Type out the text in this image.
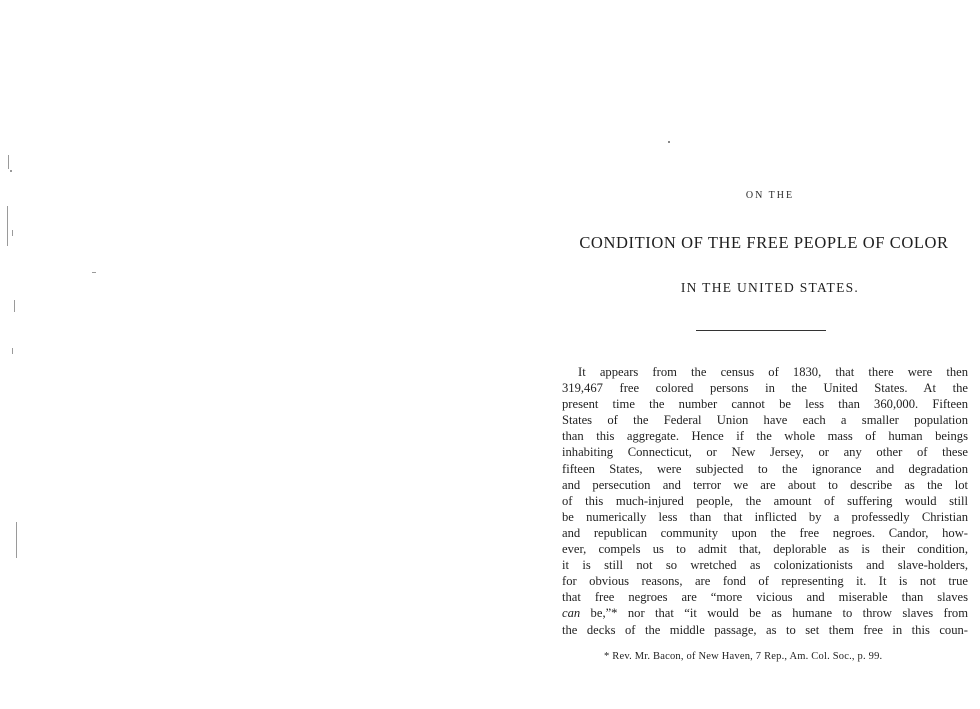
ON THE
CONDITION OF THE FREE PEOPLE OF COLOR
IN THE UNITED STATES.
It appears from the census of 1830, that there were then
319,467 free colored persons in the United States. At the
present time the number cannot be less than 360,000. Fifteen
States of the Federal Union have each a smaller population
than this aggregate. Hence if the whole mass of human beings
inhabiting Connecticut, or New Jersey, or any other of these
fifteen States, were subjected to the ignorance and degradation
and persecution and terror we are about to describe as the lot
of this much-injured people, the amount of suffering would still
be numerically less than that inflicted by a professedly Christian
and republican community upon the free negroes. Candor, how-
ever, compels us to admit that, deplorable as is their condition,
it is still not so wretched as colonizationists and slave-holders,
for obvious reasons, are fond of representing it. It is not true
that free negroes are “more vicious and miserable than slaves
can be,”* nor that “it would be as humane to throw slaves from
the decks of the middle passage, as to set them free in this coun-
* Rev. Mr. Bacon, of New Haven, 7 Rep., Am. Col. Soc., p. 99.
